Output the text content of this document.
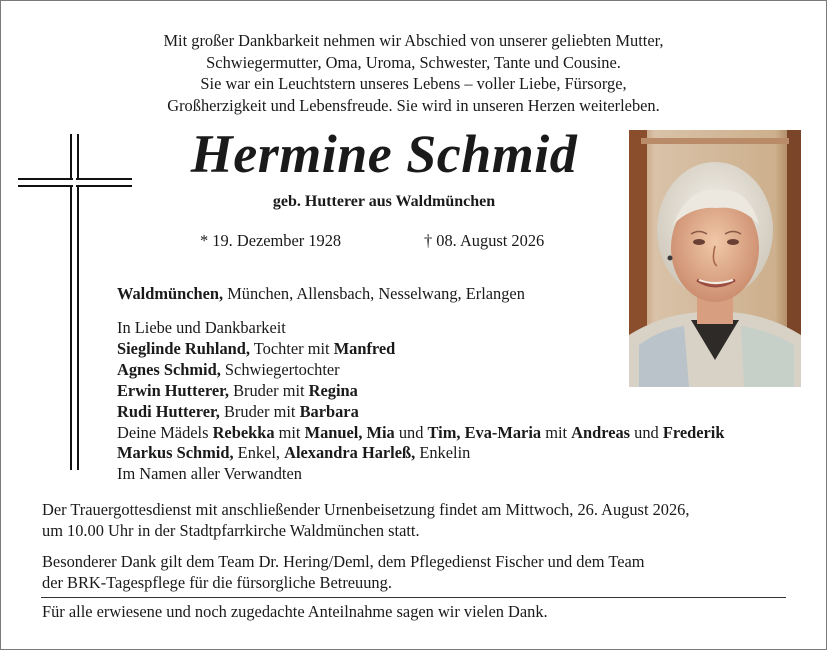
Mit großer Dankbarkeit nehmen wir Abschied von unserer geliebten Mutter,
Schwiegermutter, Oma, Uroma, Schwester, Tante und Cousine.
Sie war ein Leuchtstern unseres Lebens – voller Liebe, Fürsorge,
Großherzigkeit und Lebensfreude. Sie wird in unseren Herzen weiterleben.
Hermine Schmid
geb. Hutterer aus Waldmünchen
* 19. Dezember 1928	† 08. August 2026
Waldmünchen, München, Allensbach, Nesselwang, Erlangen
In Liebe und Dankbarkeit
Sieglinde Ruhland, Tochter mit Manfred
Agnes Schmid, Schwiegertochter
Erwin Hutterer, Bruder mit Regina
Rudi Hutterer, Bruder mit Barbara
Deine Mädels Rebekka mit Manuel, Mia und Tim, Eva-Maria mit Andreas und Frederik
Markus Schmid, Enkel, Alexandra Harleß, Enkelin
Im Namen aller Verwandten
Der Trauergottesdienst mit anschließender Urnenbeisetzung findet am Mittwoch, 26. August 2026,
um 10.00 Uhr in der Stadtpfarrkirche Waldmünchen statt.
Besonderer Dank gilt dem Team Dr. Hering/Deml, dem Pflegedienst Fischer und dem Team
der BRK-Tagespflege für die fürsorgliche Betreuung.
Für alle erwiesene und noch zugedachte Anteilnahme sagen wir vielen Dank.
